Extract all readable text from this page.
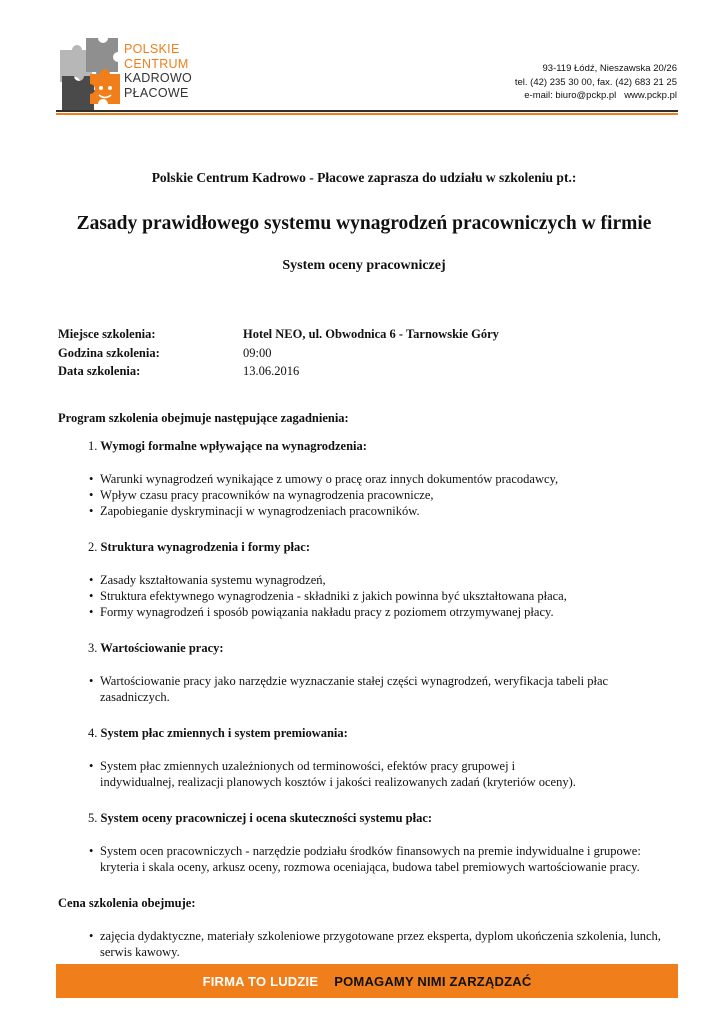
POLSKIE
CENTRUM
KADROWO
PŁACOWE
93-119 Łódź, Nieszawska 20/26
tel. (42) 235 30 00, fax. (42) 683 21 25
e-mail: biuro@pckp.pl   www.pckp.pl
Polskie Centrum Kadrowo - Płacowe zaprasza do udziału w szkoleniu pt.:
Zasady prawidłowego systemu wynagrodzeń pracowniczych w firmie
System oceny pracowniczej
Miejsce szkolenia:	Hotel NEO, ul. Obwodnica 6 - Tarnowskie Góry
Godzina szkolenia:	09:00
Data szkolenia:	13.06.2016
Program szkolenia obejmuje następujące zagadnienia:
1. Wymogi formalne wpływające na wynagrodzenia:
• Warunki wynagrodzeń wynikające z umowy o pracę oraz innych dokumentów pracodawcy,
• Wpływ czasu pracy pracowników na wynagrodzenia pracownicze,
• Zapobieganie dyskryminacji w wynagrodzeniach pracowników.
2. Struktura wynagrodzenia i formy płac:
• Zasady kształtowania systemu wynagrodzeń,
• Struktura efektywnego wynagrodzenia - składniki z jakich powinna być ukształtowana płaca,
• Formy wynagrodzeń i sposób powiązania nakładu pracy z poziomem otrzymywanej płacy.
3. Wartościowanie pracy:
• Wartościowanie pracy jako narzędzie wyznaczanie stałej części wynagrodzeń, weryfikacja tabeli płac zasadniczych.
4. System płac zmiennych i system premiowania:
• System płac zmiennych uzależnionych od terminowości, efektów pracy grupowej i indywidualnej, realizacji planowych kosztów i jakości realizowanych zadań (kryteriów oceny).
5. System oceny pracowniczej i ocena skuteczności systemu płac:
• System ocen pracowniczych - narzędzie podziału środków finansowych na premie indywidualne i grupowe: kryteria i skala oceny, arkusz oceny, rozmowa oceniająca, budowa tabel premiowych wartościowanie pracy.
Cena szkolenia obejmuje:
• zajęcia dydaktyczne, materiały szkoleniowe przygotowane przez eksperta, dyplom ukończenia szkolenia, lunch, serwis kawowy.
FIRMA TO LUDZIE POMAGAMY NIMI ZARZĄDZAĆ
